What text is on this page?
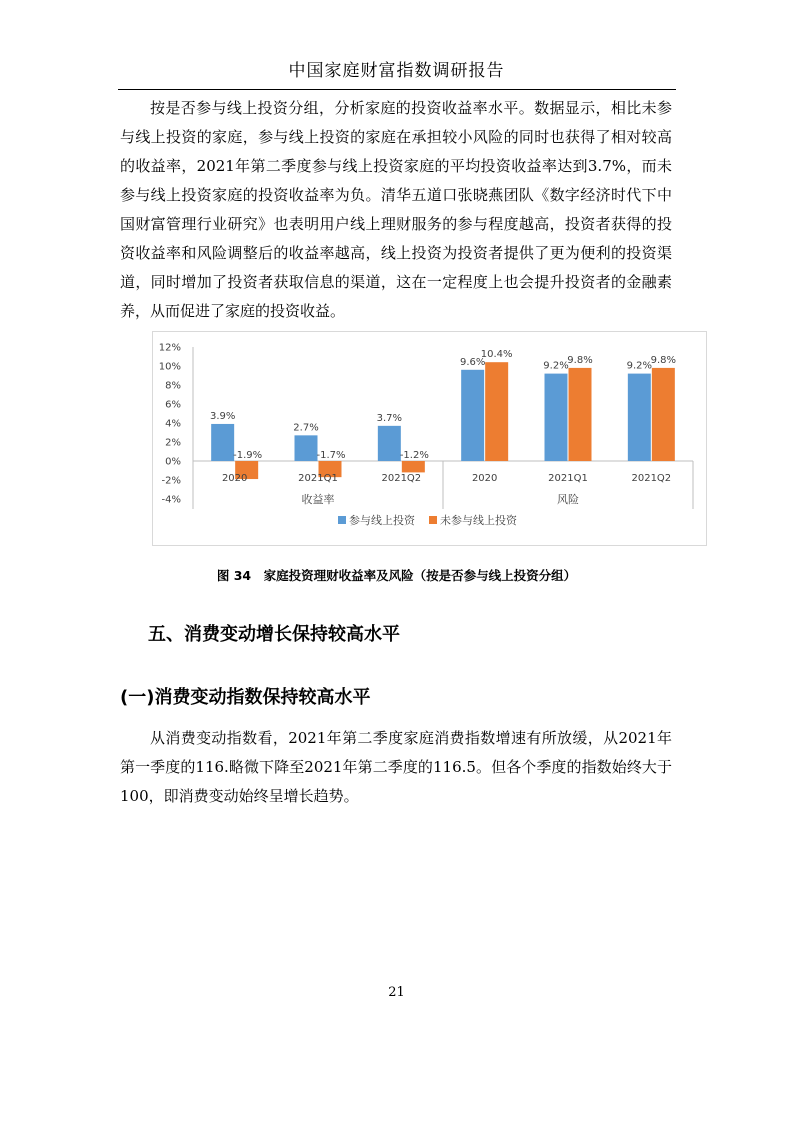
中国家庭财富指数调研报告

按是否参与线上投资分组，分析家庭的投资收益率水平。数据显示，相比未参与线上投资的家庭，参与线上投资的家庭在承担较小风险的同时也获得了相对较高的收益率，2021年第二季度参与线上投资家庭的平均投资收益率达到3.7%，而未参与线上投资家庭的投资收益率为负。清华五道口张晓燕团队《数字经济时代下中国财富管理行业研究》也表明用户线上理财服务的参与程度越高，投资者获得的投资收益率和风险调整后的收益率越高，线上投资为投资者提供了更为便利的投资渠道，同时增加了投资者获取信息的渠道，这在一定程度上也会提升投资者的金融素养，从而促进了家庭的投资收益。

12%
10%
8%
6%
4%
2%
0%
-2%
-4%
3.9%
2.7%
3.7%
9.6%	9.2%	9.2%
-1.9%	-1.7%	-1.2%
10.4%
9.8%	9.8%
2020	2021Q1	2021Q2	2020	2021Q1	2021Q2
收益率	风险
参与线上投资 未参与线上投资
图 34　家庭投资理财收益率及风险（按是否参与线上投资分组）
五、消费变动增长保持较高水平
(一)消费变动指数保持较高水平

从消费变动指数看，2021年第二季度家庭消费指数增速有所放缓，从2021年第一季度的116.略微下降至2021年第二季度的116.5。但各个季度的指数始终大于100，即消费变动始终呈增长趋势。

21
